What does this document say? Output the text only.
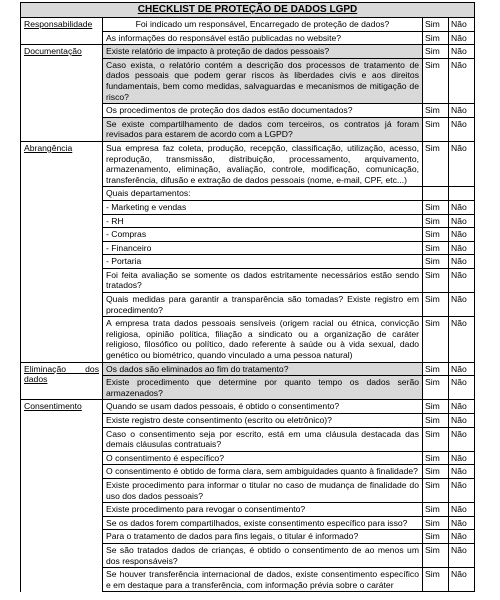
CHECKLIST DE PROTEÇÃO DE DADOS LGPD			
Responsabilidade	Foi indicado um responsável, Encarregado de proteção de dados?	Sim	Não
	As informações do responsável estão publicadas no website?	Sim	Não
Documentação	Existe relatório de impacto à proteção de dados pessoais?	Sim	Não
	Caso exista, o relatório contém a descrição dos processos de tratamento de dados pessoais que podem gerar riscos às liberdades civis e aos direitos fundamentais, bem como medidas, salvaguardas e mecanismos de mitigação de risco?	Sim	Não
	Os procedimentos de proteção dos dados estão documentados?	Sim	Não
	Se existe compartilhamento de dados com terceiros, os contratos já foram revisados para estarem de acordo com a LGPD?	Sim	Não
Abrangência	Sua empresa faz coleta, produção, recepção, classificação, utilização, acesso, reprodução, transmissão, distribuição, processamento, arquivamento, armazenamento, eliminação, avaliação, controle, modificação, comunicação, transferência, difusão e extração de dados pessoais (nome, e-mail, CPF, etc...)	Sim	Não
	Quais departamentos:		
	- Marketing e vendas	Sim	Não
	- RH	Sim	Não
	- Compras	Sim	Não
	- Financeiro	Sim	Não
	- Portaria	Sim	Não
	Foi feita avaliação se somente os dados estritamente necessários estão sendo tratados?	Sim	Não
	Quais medidas para garantir a transparência são tomadas? Existe registro em procedimento?	Sim	Não
	A empresa trata dados pessoais sensíveis (origem racial ou étnica, convicção religiosa, opinião política, filiação a sindicato ou a organização de caráter religioso, filosófico ou político, dado referente à saúde ou à vida sexual, dado genético ou biométrico, quando vinculado a uma pessoa natural)	Sim	Não
Eliminação dos dados	Os dados são eliminados ao fim do tratamento?	Sim	Não
	Existe procedimento que determine por quanto tempo os dados serão armazenados?	Sim	Não
Consentimento	Quando se usam dados pessoais, é obtido o consentimento?	Sim	Não
	Existe registro deste consentimento (escrito ou eletrônico)?	Sim	Não
	Caso o consentimento seja por escrito, está em uma cláusula destacada das demais cláusulas contratuais?	Sim	Não
	O consentimento é específico?	Sim	Não
	O consentimento é obtido de forma clara, sem ambiguidades quanto à finalidade?	Sim	Não
	Existe procedimento para informar o titular no caso de mudança de finalidade do uso dos dados pessoais?	Sim	Não
	Existe procedimento para revogar o consentimento?	Sim	Não
	Se os dados forem compartilhados, existe consentimento específico para isso?	Sim	Não
	Para o tratamento de dados para fins legais, o titular é informado?	Sim	Não
	Se são tratados dados de crianças, é obtido o consentimento de ao menos um dos responsáveis?	Sim	Não
	Se houver transferência internacional de dados, existe consentimento específico e em destaque para a transferência, com informação prévia sobre o caráter	Sim	Não
